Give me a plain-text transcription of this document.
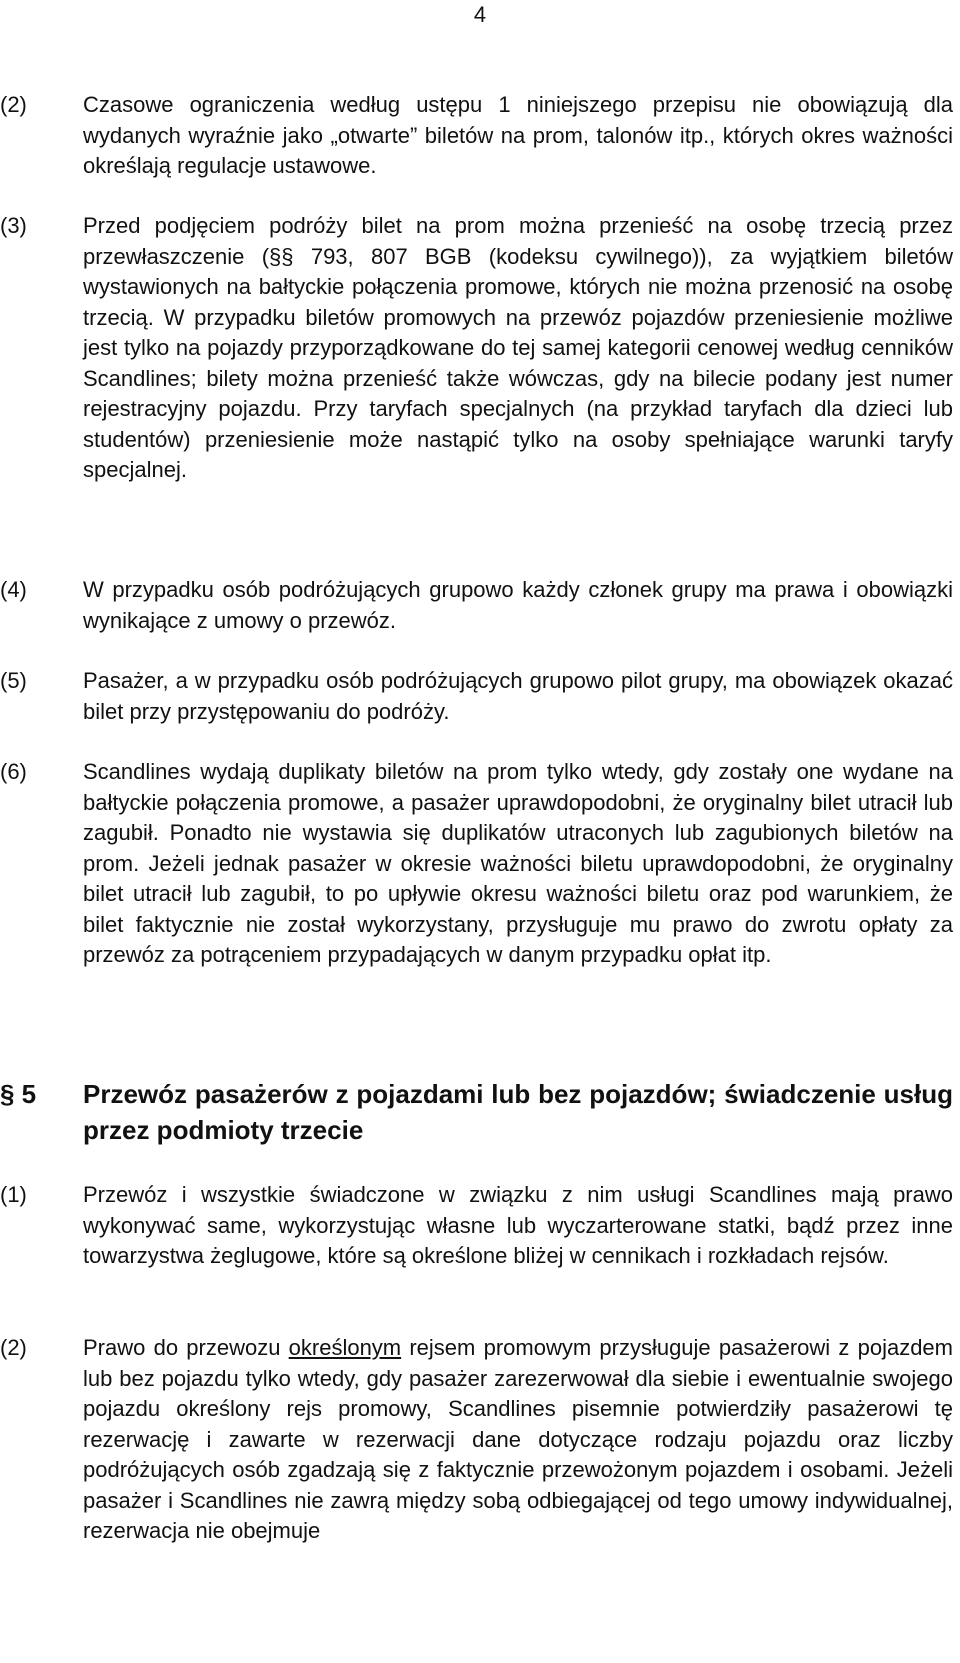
4
(2)	Czasowe ograniczenia według ustępu 1 niniejszego przepisu nie obowiązują dla wydanych wyraźnie jako „otwarte” biletów na prom, talonów itp., których okres ważności określają regulacje ustawowe.
(3)	Przed podjęciem podróży bilet na prom można przenieść na osobę trzecią przez przewłaszczenie (§§ 793, 807 BGB (kodeksu cywilnego)), za wyjątkiem biletów wystawionych na bałtyckie połączenia promowe, których nie można przenosić na osobę trzecią. W przypadku biletów promowych na przewóz pojazdów przeniesienie możliwe jest tylko na pojazdy przyporządkowane do tej samej kategorii cenowej według cenników Scandlines; bilety można przenieść także wówczas, gdy na bilecie podany jest numer rejestracyjny pojazdu. Przy taryfach specjalnych (na przykład taryfach dla dzieci lub studentów) przeniesienie może nastąpić tylko na osoby spełniające warunki taryfy specjalnej.
(4)	W przypadku osób podróżujących grupowo każdy członek grupy ma prawa i obowiązki wynikające z umowy o przewóz.
(5)	Pasażer, a w przypadku osób podróżujących grupowo pilot grupy, ma obowiązek okazać bilet przy przystępowaniu do podróży.
(6)	Scandlines wydają duplikaty biletów na prom tylko wtedy, gdy zostały one wydane na bałtyckie połączenia promowe, a pasażer uprawdopodobni, że oryginalny bilet utracił lub zagubił. Ponadto nie wystawia się duplikatów utraconych lub zagubionych biletów na prom. Jeżeli jednak pasażer w okresie ważności biletu uprawdopodobni, że oryginalny bilet utracił lub zagubił, to po upływie okresu ważności biletu oraz pod warunkiem, że bilet faktycznie nie został wykorzystany, przysługuje mu prawo do zwrotu opłaty za przewóz za potrąceniem przypadających w danym przypadku opłat itp.
§ 5 Przewóz pasażerów z pojazdami lub bez pojazdów; świadczenie usług przez podmioty trzecie
(1)	Przewóz i wszystkie świadczone w związku z nim usługi Scandlines mają prawo wykonywać same, wykorzystując własne lub wyczarterowane statki, bądź przez inne towarzystwa żeglugowe, które są określone bliżej w cennikach i rozkładach rejsów.
(2)	Prawo do przewozu określonym rejsem promowym przysługuje pasażerowi z pojazdem lub bez pojazdu tylko wtedy, gdy pasażer zarezerwował dla siebie i ewentualnie swojego pojazdu określony rejs promowy, Scandlines pisemnie potwierdziły pasażerowi tę rezerwację i zawarte w rezerwacji dane dotyczące rodzaju pojazdu oraz liczby podróżujących osób zgadzają się z faktycznie przewożonym pojazdem i osobami. Jeżeli pasażer i Scandlines nie zawrą między sobą odbiegającej od tego umowy indywidualnej, rezerwacja nie obejmuje
